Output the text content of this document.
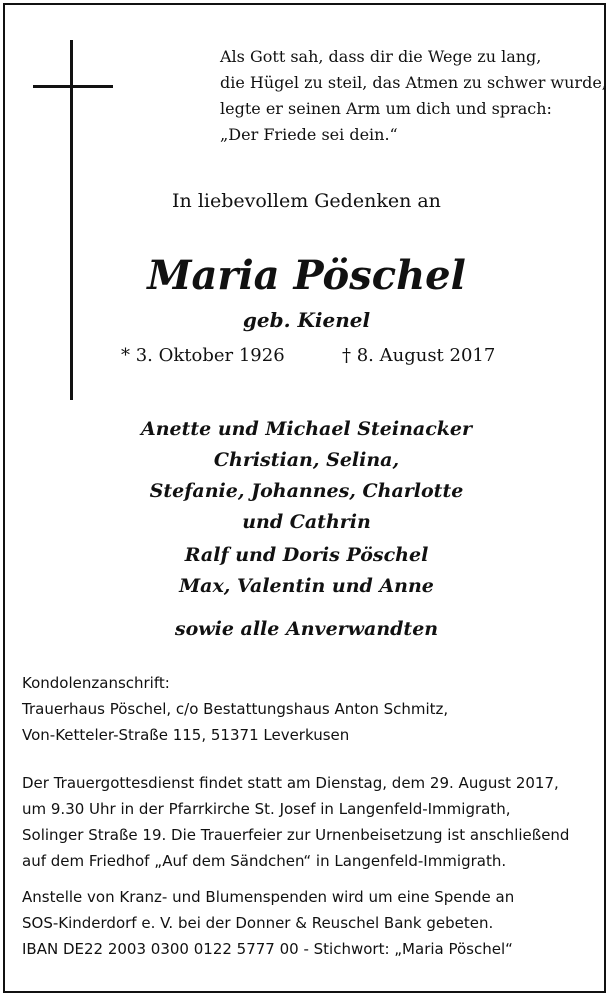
Als Gott sah, dass dir die Wege zu lang,
die Hügel zu steil, das Atmen zu schwer wurde,
legte er seinen Arm um dich und sprach:
„Der Friede sei dein.“
In liebevollem Gedenken an
Maria Pöschel
geb. Kienel
* 3. Oktober 1926	† 8. August 2017
Anette und Michael Steinacker
Christian, Selina,
Stefanie, Johannes, Charlotte
und Cathrin
Ralf und Doris Pöschel
Max, Valentin und Anne
sowie alle Anverwandten
Kondolenzanschrift:
Trauerhaus Pöschel, c/o Bestattungshaus Anton Schmitz,
Von-Ketteler-Straße 115, 51371 Leverkusen
Der Trauergottesdienst findet statt am Dienstag, dem 29. August 2017,
um 9.30 Uhr in der Pfarrkirche St. Josef in Langenfeld-Immigrath,
Solinger Straße 19. Die Trauerfeier zur Urnenbeisetzung ist anschließend
auf dem Friedhof „Auf dem Sändchen“ in Langenfeld-Immigrath.
Anstelle von Kranz- und Blumenspenden wird um eine Spende an
SOS-Kinderdorf e. V. bei der Donner & Reuschel Bank gebeten.
IBAN DE22 2003 0300 0122 5777 00 - Stichwort: „Maria Pöschel“
